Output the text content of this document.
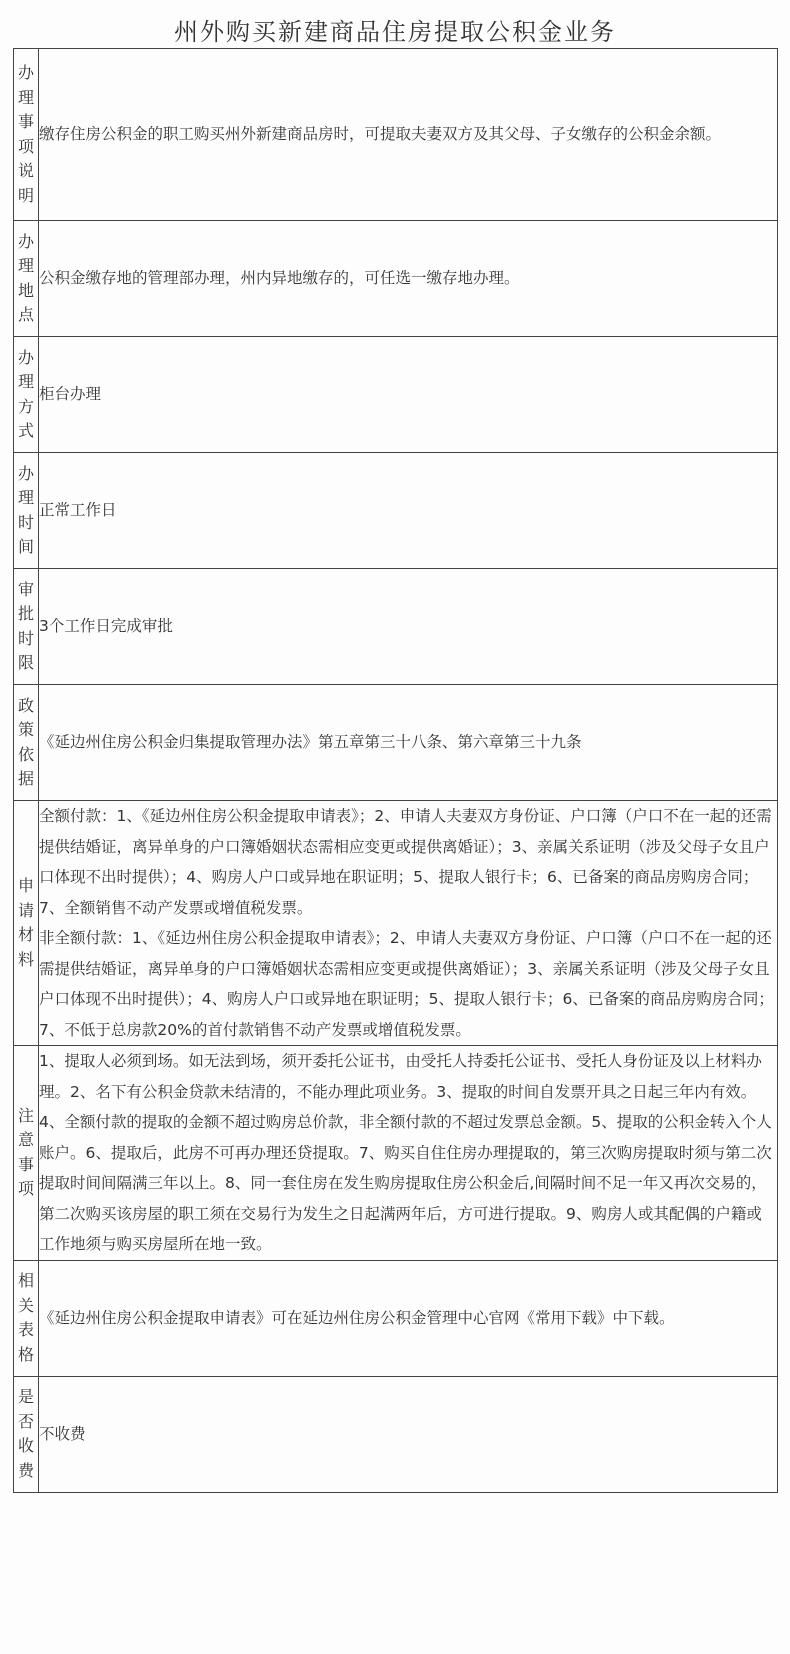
州外购买新建商品住房提取公积金业务
办理事项说明	缴存住房公积金的职工购买州外新建商品房时，可提取夫妻双方及其父母、子女缴存的公积金余额。

办理地点	公积金缴存地的管理部办理，州内异地缴存的，可任选一缴存地办理。

办理方式	柜台办理

办理时间	正常工作日

审批时限	3个工作日完成审批

政策依据	《延边州住房公积金归集提取管理办法》第五章第三十八条、第六章第三十九条

申请材料	全额付款：1、《延边州住房公积金提取申请表》；2、申请人夫妻双方身份证、户口簿（户口不在一起的还需提供结婚证，离异单身的户口簿婚姻状态需相应变更或提供离婚证）；3、亲属关系证明（涉及父母子女且户口体现不出时提供）；4、购房人户口或异地在职证明；5、提取人银行卡；6、已备案的商品房购房合同；7、全额销售不动产发票或增值税发票。

非全额付款：1、《延边州住房公积金提取申请表》；2、申请人夫妻双方身份证、户口簿（户口不在一起的还需提供结婚证，离异单身的户口簿婚姻状态需相应变更或提供离婚证）；3、亲属关系证明（涉及父母子女且户口体现不出时提供）；4、购房人户口或异地在职证明；5、提取人银行卡；6、已备案的商品房购房合同；7、不低于总房款20%的首付款销售不动产发票或增值税发票。

注意事项	1、提取人必须到场。如无法到场，须开委托公证书，由受托人持委托公证书、受托人身份证及以上材料办理。2、名下有公积金贷款未结清的，不能办理此项业务。3、提取的时间自发票开具之日起三年内有效。4、全额付款的提取的金额不超过购房总价款，非全额付款的不超过发票总金额。5、提取的公积金转入个人账户。6、提取后，此房不可再办理还贷提取。7、购买自住住房办理提取的，第三次购房提取时须与第二次提取时间间隔满三年以上。8、同一套住房在发生购房提取住房公积金后,间隔时间不足一年又再次交易的，第二次购买该房屋的职工须在交易行为发生之日起满两年后，方可进行提取。9、购房人或其配偶的户籍或工作地须与购买房屋所在地一致。

相关表格	《延边州住房公积金提取申请表》可在延边州住房公积金管理中心官网《常用下载》中下载。

是否收费	不收费
